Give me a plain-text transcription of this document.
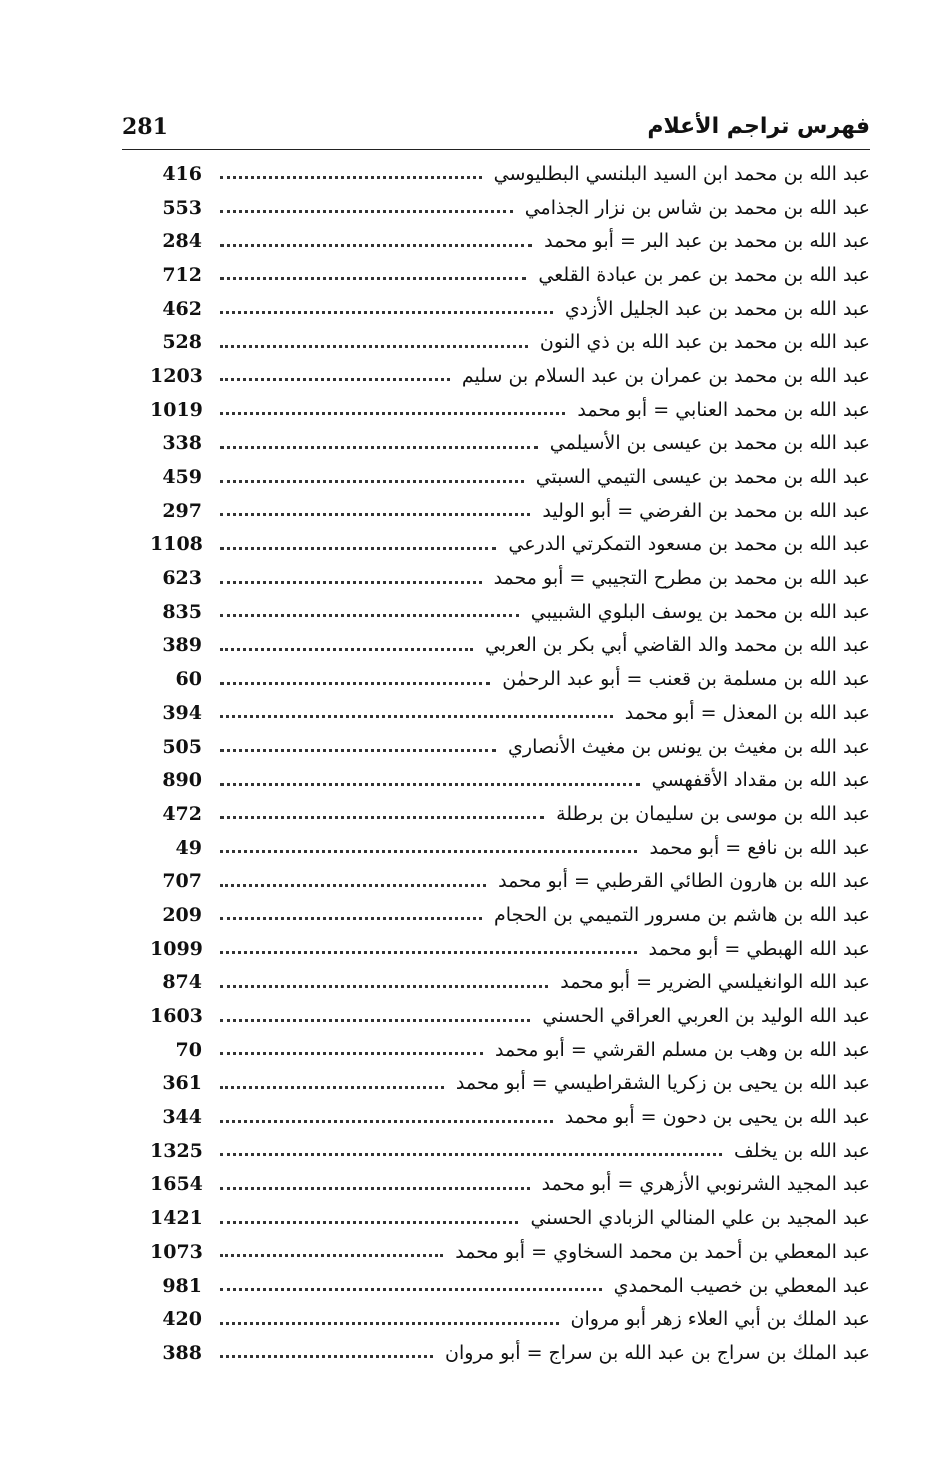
281	فهرس تراجم الأعلام
416	عبد الله بن محمد ابن السيد البلنسي البطليوسي
553	عبد الله بن محمد بن شاس بن نزار الجذامي
284	عبد الله بن محمد بن عبد البر = أبو محمد
712	عبد الله بن محمد بن عمر بن عبادة القلعي
462	عبد الله بن محمد بن عبد الجليل الأزدي
528	عبد الله بن محمد بن عبد الله بن ذي النون
1203	عبد الله بن محمد بن عمران بن عبد السلام بن سليم
1019	عبد الله بن محمد العنابي = أبو محمد
338	عبد الله بن محمد بن عيسى بن الأسيلمي
459	عبد الله بن محمد بن عيسى التيمي السبتي
297	عبد الله بن محمد بن الفرضي = أبو الوليد
1108	عبد الله بن محمد بن مسعود التمكرتي الدرعي
623	عبد الله بن محمد بن مطرح التجيبي = أبو محمد
835	عبد الله بن محمد بن يوسف البلوي الشبيبي
389	عبد الله بن محمد والد القاضي أبي بكر بن العربي
60	عبد الله بن مسلمة بن قعنب = أبو عبد الرحمٰن
394	عبد الله بن المعذل = أبو محمد
505	عبد الله بن مغيث بن يونس بن مغيث الأنصاري
890	عبد الله بن مقداد الأقفهسي
472	عبد الله بن موسى بن سليمان بن برطلة
49	عبد الله بن نافع = أبو محمد
707	عبد الله بن هارون الطائي القرطبي = أبو محمد
209	عبد الله بن هاشم بن مسرور التميمي بن الحجام
1099	عبد الله الهبطي = أبو محمد
874	عبد الله الوانغيلسي الضرير = أبو محمد
1603	عبد الله الوليد بن العربي العراقي الحسني
70	عبد الله بن وهب بن مسلم القرشي = أبو محمد
361	عبد الله بن يحيى بن زكريا الشقراطيسي = أبو محمد
344	عبد الله بن يحيى بن دحون = أبو محمد
1325	عبد الله بن يخلف
1654	عبد المجيد الشرنوبي الأزهري = أبو محمد
1421	عبد المجيد بن علي المنالي الزبادي الحسني
1073	عبد المعطي بن أحمد بن محمد السخاوي = أبو محمد
981	عبد المعطي بن خصيب المحمدي
420	عبد الملك بن أبي العلاء زهر أبو مروان
388	عبد الملك بن سراج بن عبد الله بن سراج = أبو مروان
